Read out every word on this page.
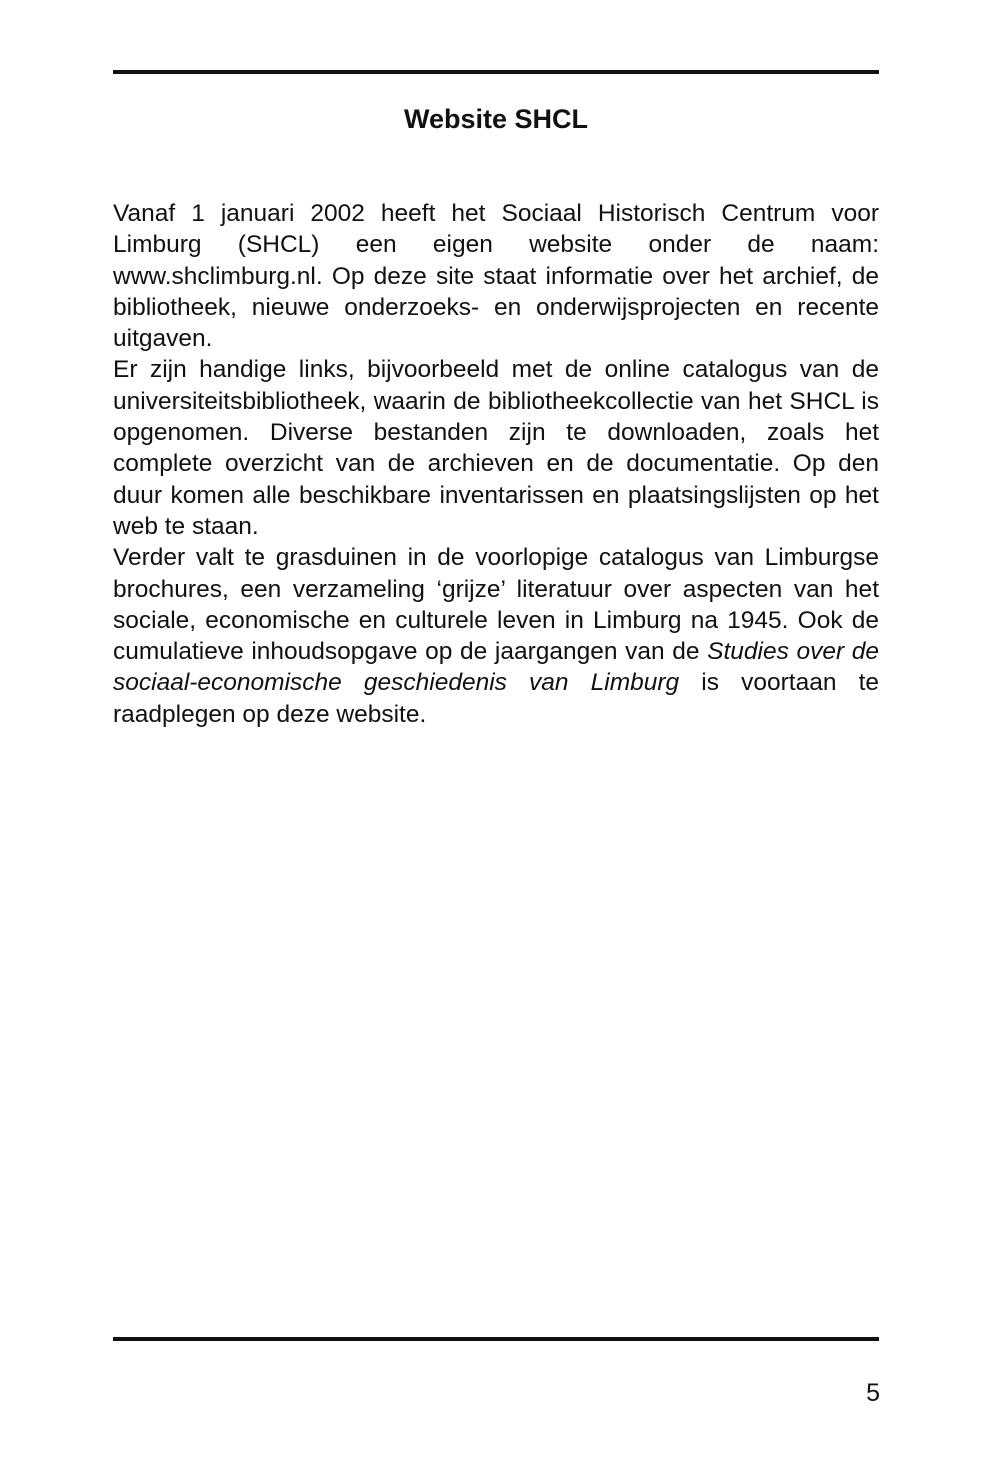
Website SHCL

Vanaf 1 januari 2002 heeft het Sociaal Historisch Centrum voor Limburg (SHCL) een eigen website onder de naam: www.shclimburg.nl. Op deze site staat informatie over het archief, de bibliotheek, nieuwe onderzoeks- en onderwijsprojecten en recente uitgaven.

Er zijn handige links, bijvoorbeeld met de online catalogus van de universiteitsbibliotheek, waarin de bibliotheekcollectie van het SHCL is opgenomen. Diverse bestanden zijn te downloaden, zoals het complete overzicht van de archieven en de documentatie. Op den duur komen alle beschikbare inventarissen en plaatsingslijsten op het web te staan.

Verder valt te grasduinen in de voorlopige catalogus van Limburgse brochures, een verzameling ‘grijze’ literatuur over aspecten van het sociale, economische en culturele leven in Limburg na 1945. Ook de cumulatieve inhoudsopgave op de jaargangen van de Studies over de sociaal-economische geschiedenis van Limburg is voortaan te raadplegen op deze website.

5
